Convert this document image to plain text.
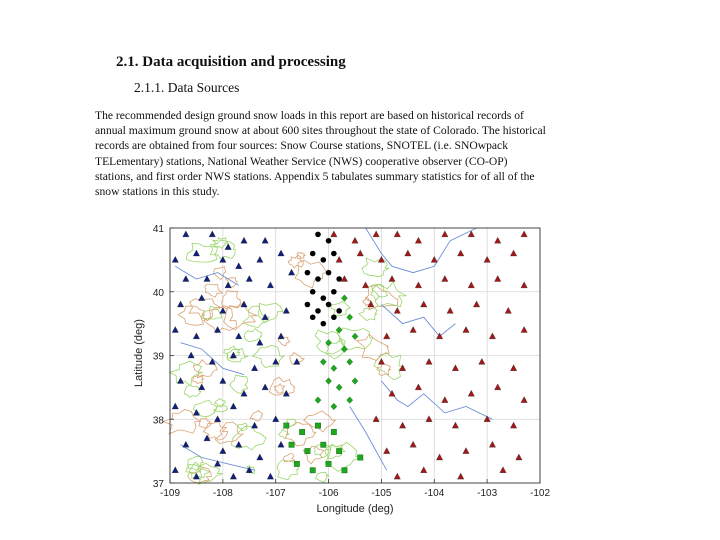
2.1. Data acquisition and processing
2.1.1. Data Sources
The recommended design ground snow loads in this report are based on historical records of
annual maximum ground snow at about 600 sites throughout the state of Colorado. The historical
records are obtained from four sources: Snow Course stations, SNOTEL (i.e. SNOwpack
TELementary) stations, National Weather Service (NWS) cooperative observer (CO-OP)
stations, and first order NWS stations. Appendix 5 tabulates summary statistics for of all of the
snow stations in this study.
-109	-108	-107	-106	-105	-104	-103	-102
37
38
39
40
41
Longitude (deg)
Latitude (deg)
